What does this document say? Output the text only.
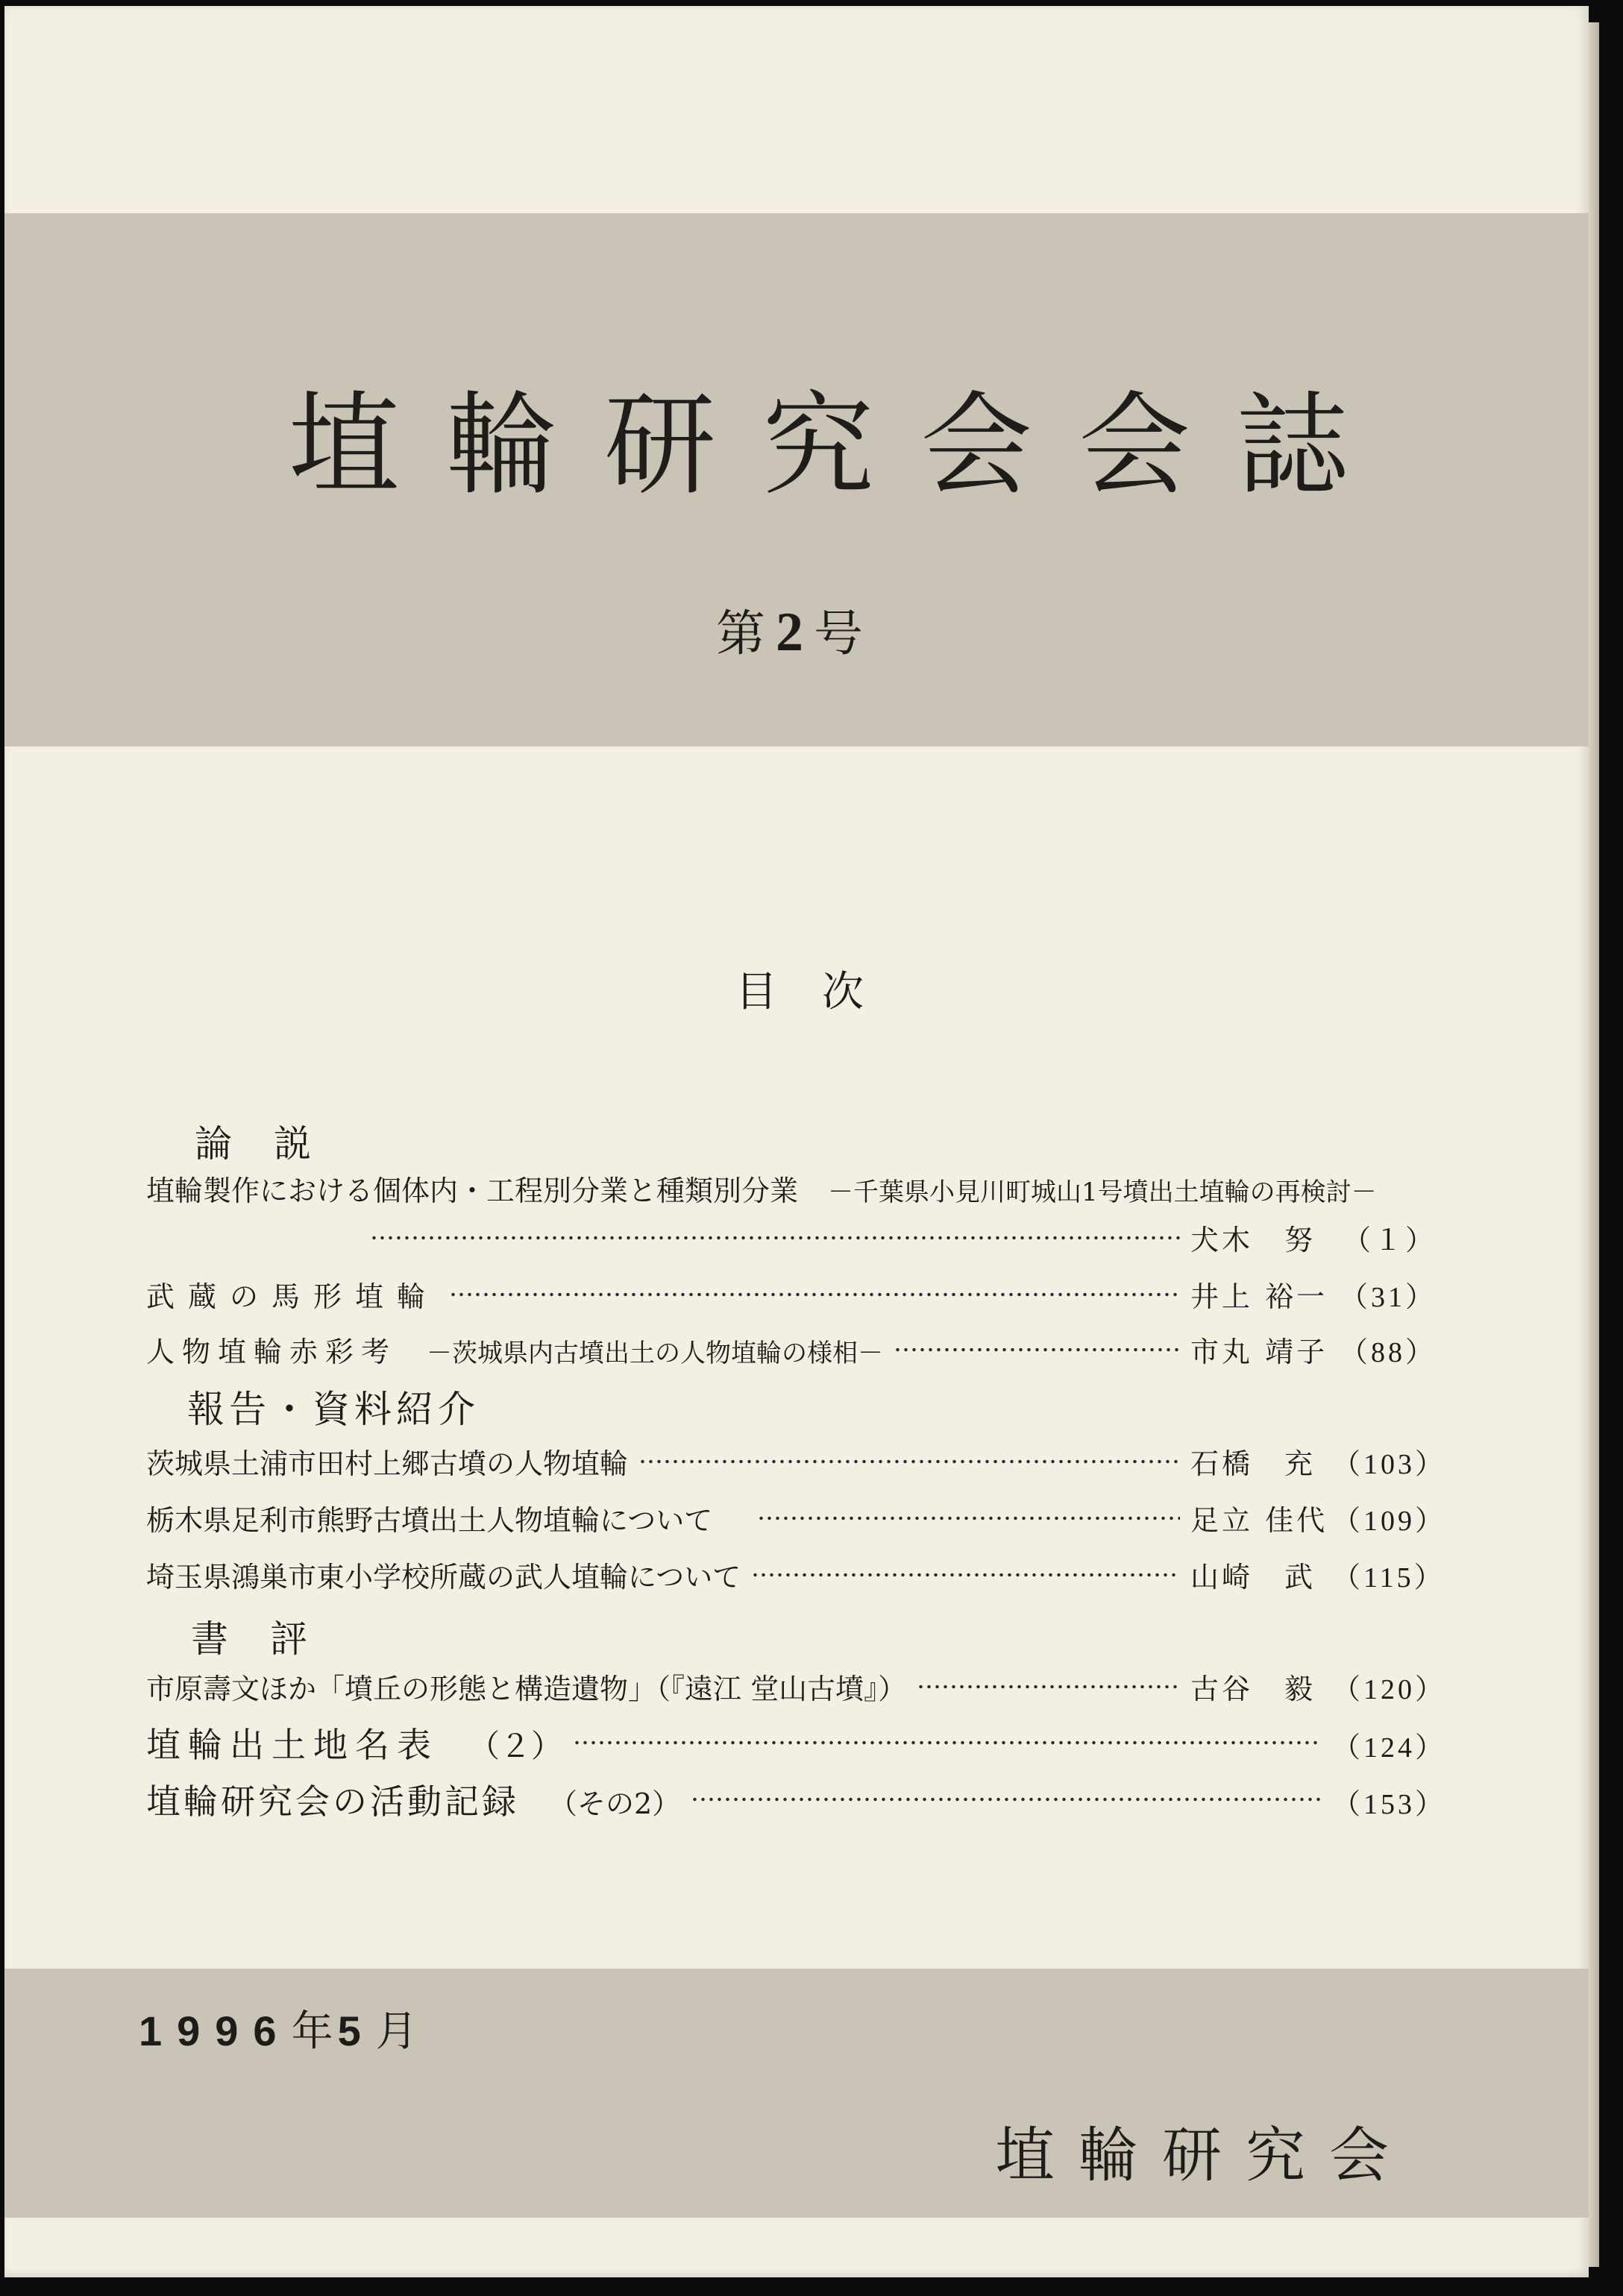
埴輪研究会会誌
第 2 号
目次
論説
埴輪製作における個体内・工程別分業と種類別分業 －千葉県小見川町城山1号墳出土埴輪の再検討－
犬木　努 （１）
武蔵の馬形埴輪	井上 裕一 （31）
人物埴輪赤彩考 －茨城県内古墳出土の人物埴輪の様相－	市丸 靖子 （88）
報告・資料紹介
茨城県土浦市田村上郷古墳の人物埴輪	石橋　充 （103）
栃木県足利市熊野古墳出土人物埴輪について	足立 佳代 （109）
埼玉県鴻巣市東小学校所蔵の武人埴輪について	山崎　武 （115）
書評
市原壽文ほか「墳丘の形態と構造遺物」（『遠江 堂山古墳』）	古谷　毅 （120）
埴輪出土地名表 （２）	（124）
埴輪研究会の活動記録 （その2）	（153）
1996年 5月
埴輪研究会
